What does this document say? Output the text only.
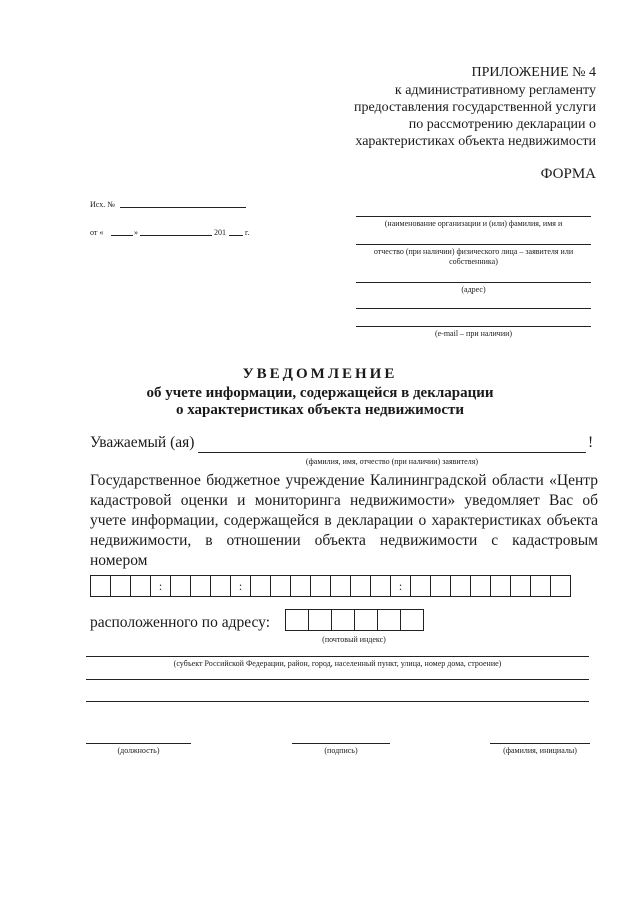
ПРИЛОЖЕНИЕ № 4
к административному регламенту
предоставления государственной услуги
по рассмотрению декларации о
характеристиках объекта недвижимости
ФОРМА
Исх. №
от «	»	201 г.
(наименование организации и (или) фамилия, имя и
отчество (при наличии) физического лица – заявителя или собственника)
(адрес)
(e-mail – при наличии)
УВЕДОМЛЕНИЕ
об учете информации, содержащейся в декларации
о характеристиках объекта недвижимости
Уважаемый (ая)	!
(фамилия, имя, отчество (при наличии) заявителя)
Государственное бюджетное учреждение Калининградской области «Центр кадастровой оценки и мониторинга недвижимости» уведомляет Вас об учете информации, содержащейся в декларации о характеристиках объекта недвижимости, в отношении объекта недвижимости с кадастровым номером
:	:	:
расположенного по адресу:
(почтовый индекс)
(субъект Российской Федерации, район, город, населенный пункт, улица, номер дома, строение)
(должность)	(подпись)	(фамилия, инициалы)
